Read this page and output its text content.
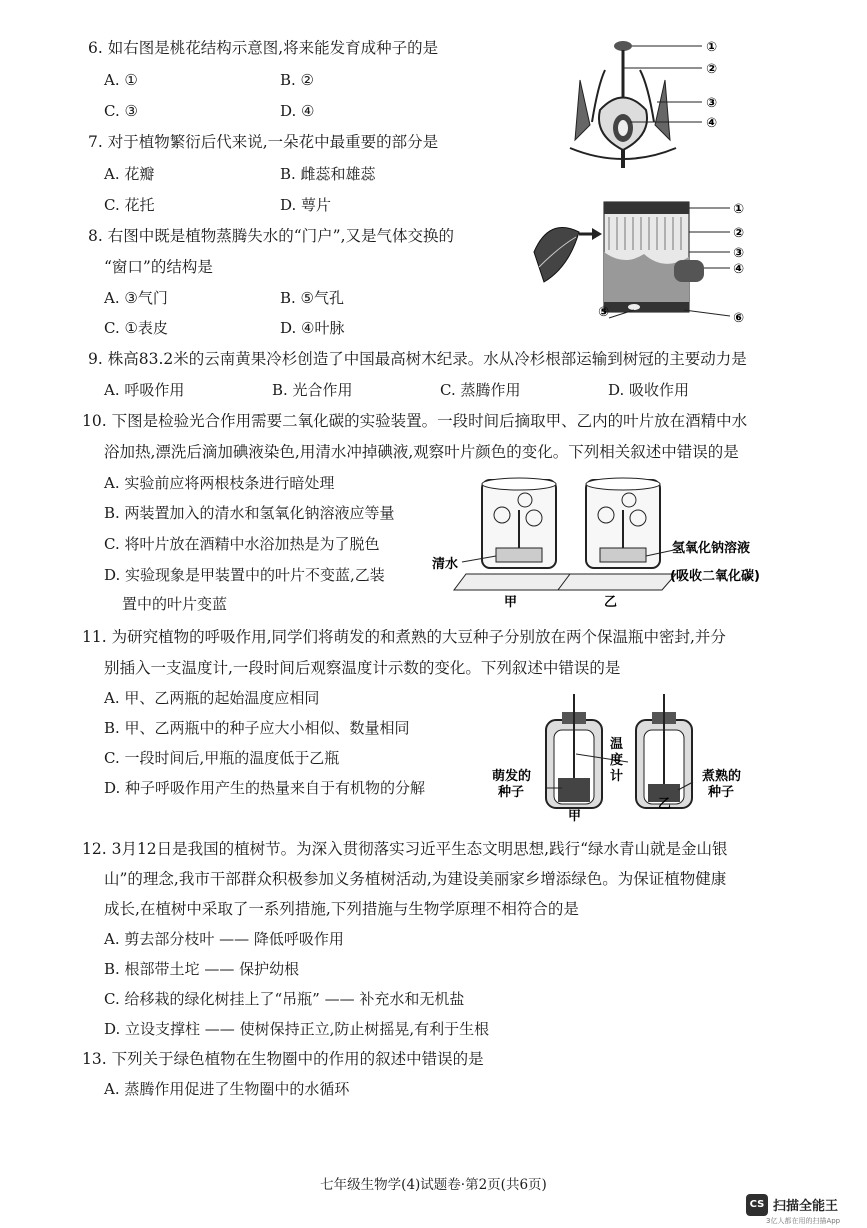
6. 如右图是桃花结构示意图,将来能发育成种子的是
A. ①	B. ②
C. ③	D. ④
①
②
③
④
7. 对于植物繁衍后代来说,一朵花中最重要的部分是
A. 花瓣	B. 雌蕊和雄蕊
C. 花托	D. 萼片
8. 右图中既是植物蒸腾失水的“门户”,又是气体交换的
“窗口”的结构是
A. ③气门	B. ⑤气孔
C. ①表皮	D. ④叶脉
①
②
③
④
⑤	⑥
9. 株高83.2米的云南黄果冷杉创造了中国最高树木纪录。水从冷杉根部运输到树冠的主要动力是
A. 呼吸作用	B. 光合作用	C. 蒸腾作用	D. 吸收作用
10. 下图是检验光合作用需要二氧化碳的实验装置。一段时间后摘取甲、乙内的叶片放在酒精中水
浴加热,漂洗后滴加碘液染色,用清水冲掉碘液,观察叶片颜色的变化。下列相关叙述中错误的是
A. 实验前应将两根枝条进行暗处理
B. 两装置加入的清水和氢氧化钠溶液应等量
C. 将叶片放在酒精中水浴加热是为了脱色
D. 实验现象是甲装置中的叶片不变蓝,乙装
置中的叶片变蓝
清水
氢氧化钠溶液
(吸收二氧化碳)
甲	乙
11. 为研究植物的呼吸作用,同学们将萌发的和煮熟的大豆种子分别放在两个保温瓶中密封,并分
别插入一支温度计,一段时间后观察温度计示数的变化。下列叙述中错误的是
A. 甲、乙两瓶的起始温度应相同
B. 甲、乙两瓶中的种子应大小相似、数量相同
C. 一段时间后,甲瓶的温度低于乙瓶
D. 种子呼吸作用产生的热量来自于有机物的分解
萌发的
种子
温
度
计	煮熟的
种子
甲
乙
12. 3月12日是我国的植树节。为深入贯彻落实习近平生态文明思想,践行“绿水青山就是金山银
山”的理念,我市干部群众积极参加义务植树活动,为建设美丽家乡增添绿色。为保证植物健康
成长,在植树中采取了一系列措施,下列措施与生物学原理不相符合的是
A. 剪去部分枝叶 —— 降低呼吸作用
B. 根部带土坨 —— 保护幼根
C. 给移栽的绿化树挂上了“吊瓶” —— 补充水和无机盐
D. 立设支撑柱 —— 使树保持正立,防止树摇晃,有利于生根
13. 下列关于绿色植物在生物圈中的作用的叙述中错误的是
A. 蒸腾作用促进了生物圈中的水循环
七年级生物学(4)试题卷·第2页(共6页)
CS 扫描全能王
3亿人都在用的扫描App
